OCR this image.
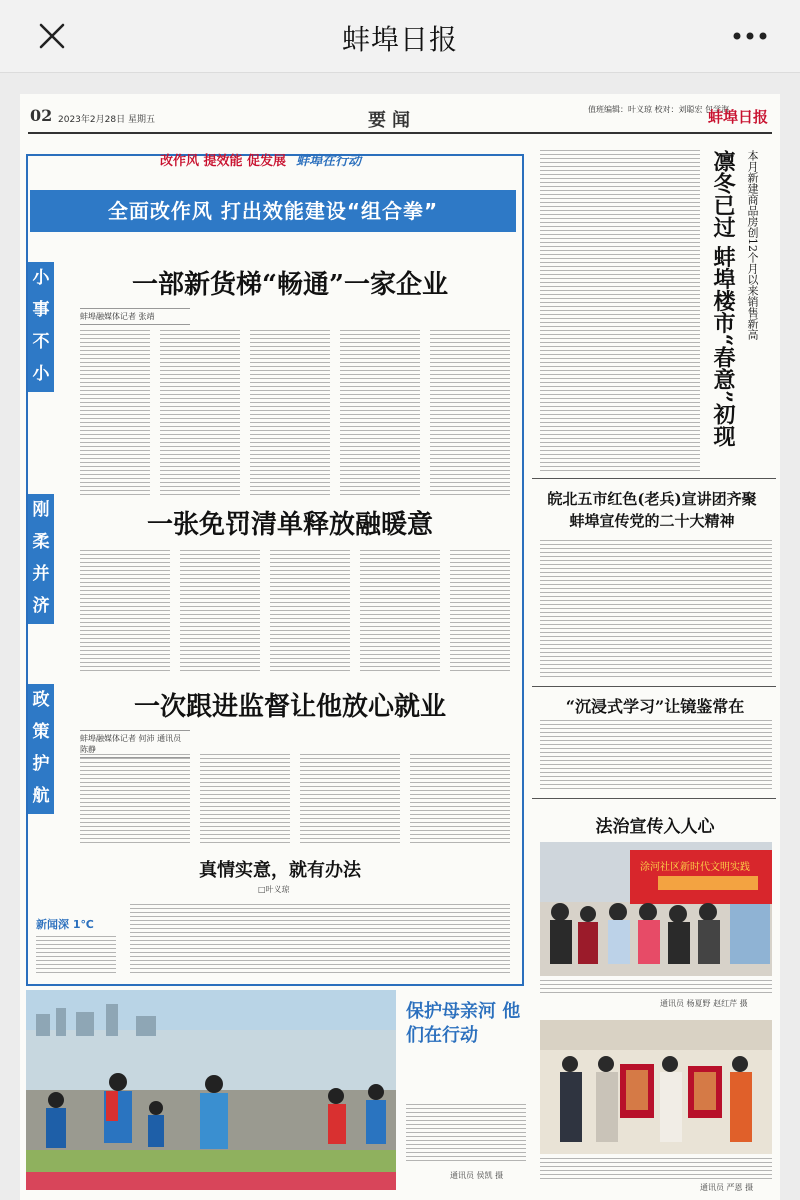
蚌埠日报
02 2023年2月28日 星期五	要闻
值班编辑：叶义琼 校对：刘聪宏 包学海
蚌埠日报
改作风 提效能 促发展 蚌埠在行动
全面改作风 打出效能建设“组合拳”
小事不小
刚柔并济
政策护航
一部新货梯“畅通”一家企业
蚌埠融媒体记者 张靖
一张免罚清单释放融暖意
一次跟进监督让他放心就业
蚌埠融媒体记者 何沛 通讯员 陈静
真情实意，就有办法
□叶义琼
新闻深 1℃
凛冬已过 蚌埠楼市“春意”初现 本月新建商品房创12个月以来销售新高
皖北五市红色(老兵)宣讲团齐聚蚌埠宣传党的二十大精神
“沉浸式学习”让镜鉴常在
法治宣传入人心
涂河社区新时代文明实践
通讯员 杨夏野 赵红芹 摄
保护母亲河 他们在行动
通讯员 侯凯 摄
通讯员 严恩 摄
